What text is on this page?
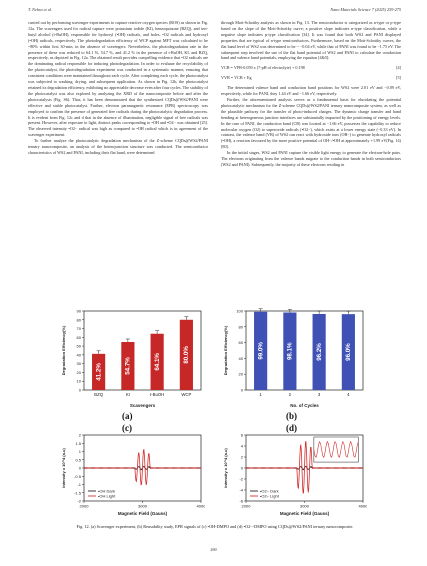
T. Nebra et al.	Nano Materials Science 7 (2025) 259-275

carried out by performing scavenger experiments to capture reactive oxygen species (ROS) as shown in Fig. 12a. The scavengers used for radical capture were potassium iodide (KI), benzoquinone (BZQ), and tert-butyl alcohol (t-BuOH), responsible for hydroxyl (•OH) radicals, and holes, •O2 radicals and hydroxyl (•OH) radicals, respectively. The photodegradation efficiency of WCP against MFT was calculated to be ~80% within first 30-min, in the absence of scavengers. Nevertheless, the photodegradation rate in the presence of these was reduced to 64.1 %, 54.7 %, and 41.2 % in the presence of t-BuOH, KI, and BZQ, respectively, as depicted in Fig. 12a. The obtained result provides compelling evidence that •O2 radicals are the dominating radical responsible for inducing photodegradation. In order to evaluate the recyclability of the photocatalyst, the photodegradation experiment was conducted in a systematic manner, ensuring that consistent conditions were maintained throughout each cycle. After completing each cycle, the photocatalyst was subjected to washing, drying, and subsequent application. As shown in Fig. 12b, the photocatalyst retained its degradation efficiency, exhibiting no appreciable decrease even after four cycles. The stability of the photocatalyst was also explored by analyzing the XRD of the nanocomposite before and after the photocatalysis (Fig. S6). Thus, it has been demonstrated that the synthesized CQDs@WS2/PANI were effective and stable photocatalyst. Further, electron paramagnetic resonance (EPR) spectroscopy was employed to confirm the presence of generated free radicals during the photocatalytic degradation process. It is evident from Fig. 12c and d that in the absence of illumination, negligible signal of free radicals was present. However, after exposure to light, distinct peaks corresponding to •OH and •O2− was obtained [25]. The observed intensity •O2− radical was high as compared to •OH radical which is in agreement of the scavenger experiment.

To further analyze the photocatalytic degradation mechanism of the Z-scheme CQDs@WS2/PANI ternary nanocomposite, an analysis of the heterojunction structure was conducted. The semiconductor characteristics of WS2 and PANI, including their flat band, were determined

through Mott-Schottky analysis as shown in Fig. 13. The semiconductor is categorized as n-type or p-type based on the slope of the Mott-Schottky curve; a positive slope indicates n-type classification, while a negative slope indicates p-type classification [34]. It was found that both WS2 and PANI displayed properties that are typical of n-type semiconductors. Furthermore, based on the Mott-Schottky curves, the flat band level of WS2 was determined to be ~ −0.04 eV, while that of PANI was found to be −1.75 eV. The subsequent step involved the use of the flat band potential of WS2 and PANI to calculate the conduction band and valence band potentials, employing the equation [4&5]:

VCB = VFB-0.059 x (7-pH of electrolyte) + 0.198	[4]
VVB = VCB + Eg	[5]

The determined valence band and conduction band positions for WS2 were 2.01 eV and −0.09 eV, respectively, while for PANI, they 1.44 eV and −1.66 eV, respectively.

Further, the aforementioned analysis serves as a fundamental basis for elucidating the potential photocatalytic mechanism for the Z-scheme CQDs@WS2/PANI ternary nanocomposite system, as well as the plausible pathway for the transfer of photo-induced charges. The dynamic charge transfer and band bending at heterogeneous junction interfaces are substantially impacted by the positioning of energy levels. In the case of PANI, the conduction band (CB) was located at −1.66 eV, possesses the capability to reduce molecular oxygen (O2) to superoxide radicals (•O2−), which exists at a lower energy state (−0.33 eV). In contrast, the valence band (VB) of WS2 can react with hydroxide ions (OH−) to generate hydroxyl radicals (•OH), a reaction favoured by the more positive potential of OH−/•OH at approximately +1.99 eV(Fig. 14) [80].

In the initial stages, WS2 and PANI capture the visible light energy to generate the electron-hole pairs. The electrons originating from the valence bands migrate to the conduction bands in both semiconductors (WS2 and PANI). Subsequently, the majority of these electrons residing in

0
10
20
30
40
50
60
70
80
90
41.2%
BZQ
54.7%
KI
64.1%
t-BuOH
80.0%
WCP
Scavengers
Degradation Efficiency(%)
(a)
0
20
40
60
80
100
99.0%
1
98.1%
2
96.2%
3
96.0%
4
No. of Cycles
Degradation Efficiency(%)
(b)
-2
-1.5
-1
-0.5
0
0.5
1
1.5
2
2000	3000	4000
•OH Dark
•OH Light
Magnetic Field (Gauss)
Intensity x 10^4 (a.u)
(c)
-6
-4
-2
0
2
4
6
2000	3000	4000
•O2− Dark
•O2− Light
Magnetic Field (Gauss)
Intensity x 10^4 (a.u)
(d)
Fig. 12. (a) Scavenger experiment, (b) Reusability study, EPR signals of (c) •OH-DMPO and (d) •O2−-DMPO using CQDs@WS2/PANI ternary nanocomposite.
269
